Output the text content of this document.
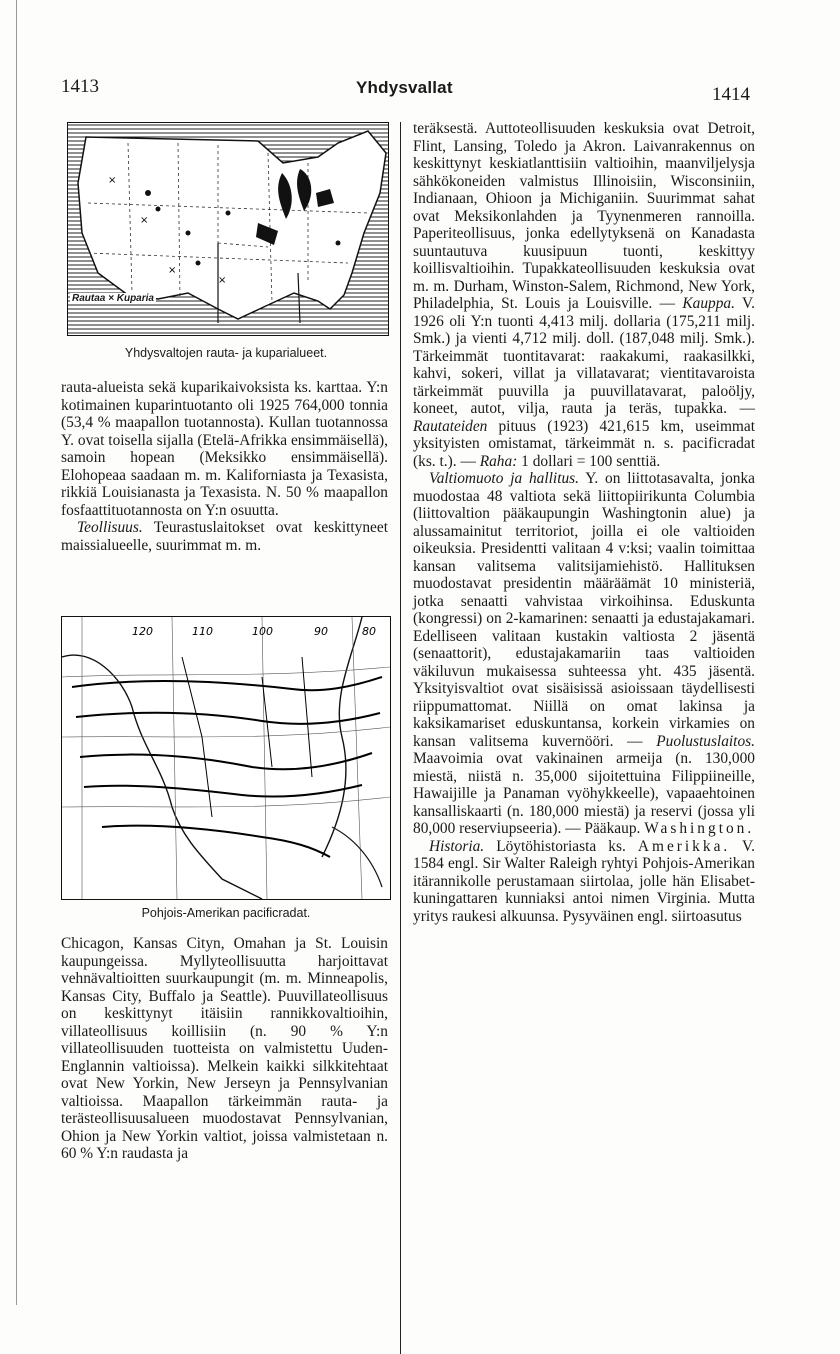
1413	Yhdysvallat	1414
×
×
×
×
Rautaa × Kuparia
Yhdysvaltojen rauta- ja kuparialueet.

rauta-alueista sekä kuparikaivoksista ks. karttaa. Y:n kotimainen kuparintuotanto oli 1925 764,000 tonnia (53,4 % maapallon tuotannosta). Kullan tuotannossa Y. ovat toisella sijalla (Etelä-Afrikka ensimmäisellä), samoin hopean (Meksikko ensimmäisellä). Elohopeaa saadaan m. m. Kaliforniasta ja Texasista, rikkiä Louisianasta ja Texasista. N. 50 % maapallon fosfaattituotannosta on Y:n osuutta.

Teollisuus. Teurastuslaitokset ovat keskittyneet maissialueelle, suurimmat m. m.

120	110	100	90	80
Pohjois-Amerikan pacificradat.

Chicagon, Kansas Cityn, Omahan ja St. Louisin kaupungeissa. Myllyteollisuutta harjoittavat vehnävaltioitten suurkaupungit (m. m. Minneapolis, Kansas City, Buffalo ja Seattle). Puuvillateollisuus on keskittynyt itäisiin rannikkovaltioihin, villateollisuus koillisiin (n. 90 % Y:n villateollisuuden tuotteista on valmistettu Uuden-Englannin valtioissa). Melkein kaikki silkkitehtaat ovat New Yorkin, New Jerseyn ja Pennsylvanian valtioissa. Maapallon tärkeimmän rauta- ja terästeollisuusalueen muodostavat Pennsylvanian, Ohion ja New Yorkin valtiot, joissa valmistetaan n. 60 % Y:n raudasta ja

teräksestä. Auttoteollisuuden keskuksia ovat Detroit, Flint, Lansing, Toledo ja Akron. Laivanrakennus on keskittynyt keskiatlanttisiin valtioihin, maanviljelysja sähkökoneiden valmistus Illinoisiin, Wisconsiniin, Indianaan, Ohioon ja Michiganiin. Suurimmat sahat ovat Meksikonlahden ja Tyynenmeren rannoilla. Paperiteollisuus, jonka edellytyksenä on Kanadasta suuntautuva kuusipuun tuonti, keskittyy koillisvaltioihin. Tupakkateollisuuden keskuksia ovat m. m. Durham, Winston-Salem, Richmond, New York, Philadelphia, St. Louis ja Louisville. — Kauppa. V. 1926 oli Y:n tuonti 4,413 milj. dollaria (175,211 milj. Smk.) ja vienti 4,712 milj. doll. (187,048 milj. Smk.). Tärkeimmät tuontitavarat: raakakumi, raakasilkki, kahvi, sokeri, villat ja villatavarat; vientitavaroista tärkeimmät puuvilla ja puuvillatavarat, paloöljy, koneet, autot, vilja, rauta ja teräs, tupakka. — Rautateiden pituus (1923) 421,615 km, useimmat yksityisten omistamat, tärkeimmät n. s. pacificradat (ks. t.). — Raha: 1 dollari = 100 senttiä.

Valtiomuoto ja hallitus. Y. on liittotasavalta, jonka muodostaa 48 valtiota sekä liittopiirikunta Columbia (liittovaltion pääkaupungin Washingtonin alue) ja alussamainitut territoriot, joilla ei ole valtioiden oikeuksia. Presidentti valitaan 4 v:ksi; vaalin toimittaa kansan valitsema valitsijamiehistö. Hallituksen muodostavat presidentin määräämät 10 ministeriä, jotka senaatti vahvistaa virkoihinsa. Eduskunta (kongressi) on 2-kamarinen: senaatti ja edustajakamari. Edelliseen valitaan kustakin valtiosta 2 jäsentä (senaattorit), edustajakamariin taas valtioiden väkiluvun mukaisessa suhteessa yht. 435 jäsentä. Yksityisvaltiot ovat sisäisissä asioissaan täydellisesti riippumattomat. Niillä on omat lakinsa ja kaksikamariset eduskuntansa, korkein virkamies on kansan valitsema kuvernööri. — Puolustuslaitos. Maavoimia ovat vakinainen armeija (n. 130,000 miestä, niistä n. 35,000 sijoitettuina Filippiineille, Hawaijille ja Panaman vyöhykkeelle), vapaaehtoinen kansalliskaarti (n. 180,000 miestä) ja reservi (jossa yli 80,000 reserviupseeria). — Pääkaup. Washington.

Historia. Löytöhistoriasta ks. Amerikka. V. 1584 engl. Sir Walter Raleigh ryhtyi Pohjois-Amerikan itärannikolle perustamaan siirtolaa, jolle hän Elisabet-kuningattaren kunniaksi antoi nimen Virginia. Mutta yritys raukesi alkuunsa. Pysyväinen engl. siirtoasutus
